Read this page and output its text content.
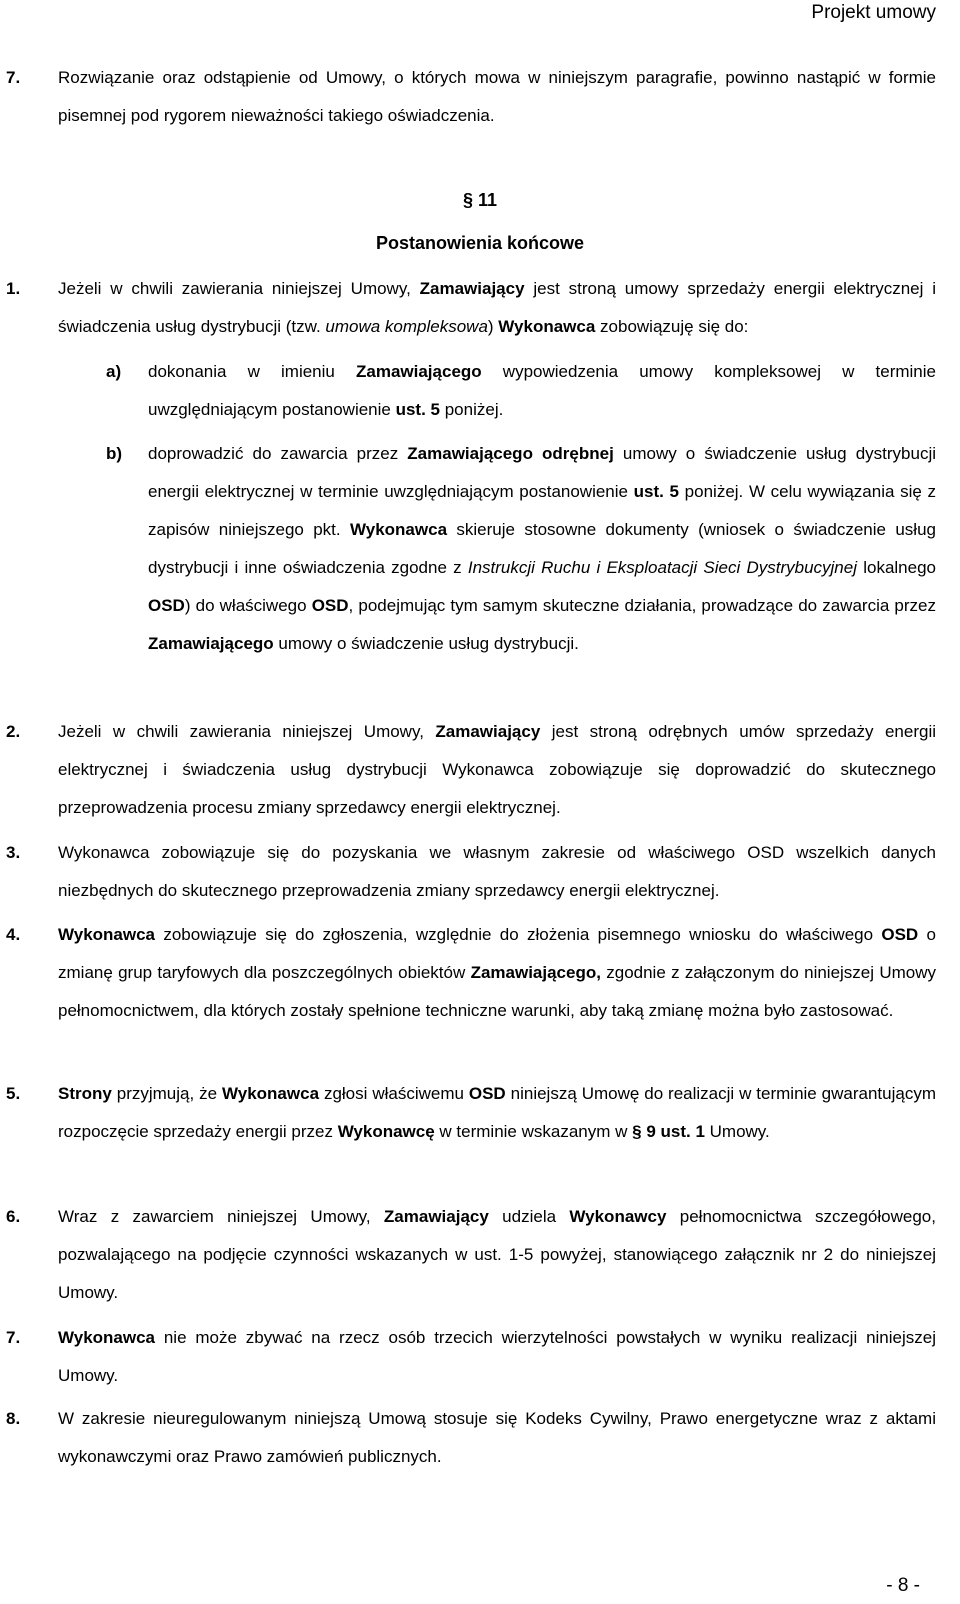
Projekt umowy
7. Rozwiązanie oraz odstąpienie od Umowy, o których mowa w niniejszym paragrafie, powinno nastąpić w formie pisemnej pod rygorem nieważności takiego oświadczenia.
§ 11
Postanowienia końcowe
1. Jeżeli w chwili zawierania niniejszej Umowy, Zamawiający jest stroną umowy sprzedaży energii elektrycznej i świadczenia usług dystrybucji (tzw. umowa kompleksowa) Wykonawca zobowiązuję się do:
a) dokonania w imieniu Zamawiającego wypowiedzenia umowy kompleksowej w terminie uwzględniającym postanowienie ust. 5 poniżej.
b) doprowadzić do zawarcia przez Zamawiającego odrębnej umowy o świadczenie usług dystrybucji energii elektrycznej w terminie uwzględniającym postanowienie ust. 5 poniżej. W celu wywiązania się z zapisów niniejszego pkt. Wykonawca skieruje stosowne dokumenty (wniosek o świadczenie usług dystrybucji i inne oświadczenia zgodne z Instrukcji Ruchu i Eksploatacji Sieci Dystrybucyjnej lokalnego OSD) do właściwego OSD, podejmując tym samym skuteczne działania, prowadzące do zawarcia przez Zamawiającego umowy o świadczenie usług dystrybucji.
2. Jeżeli w chwili zawierania niniejszej Umowy, Zamawiający jest stroną odrębnych umów sprzedaży energii elektrycznej i świadczenia usług dystrybucji Wykonawca zobowiązuje się doprowadzić do skutecznego przeprowadzenia procesu zmiany sprzedawcy energii elektrycznej.
3. Wykonawca zobowiązuje się do pozyskania we własnym zakresie od właściwego OSD wszelkich danych niezbędnych do skutecznego przeprowadzenia zmiany sprzedawcy energii elektrycznej.
4. Wykonawca zobowiązuje się do zgłoszenia, względnie do złożenia pisemnego wniosku do właściwego OSD o zmianę grup taryfowych dla poszczególnych obiektów Zamawiającego, zgodnie z załączonym do niniejszej Umowy pełnomocnictwem, dla których zostały spełnione techniczne warunki, aby taką zmianę można było zastosować.
5. Strony przyjmują, że Wykonawca zgłosi właściwemu OSD niniejszą Umowę do realizacji w terminie gwarantującym rozpoczęcie sprzedaży energii przez Wykonawcę w terminie wskazanym w § 9 ust. 1 Umowy.
6. Wraz z zawarciem niniejszej Umowy, Zamawiający udziela Wykonawcy pełnomocnictwa szczegółowego, pozwalającego na podjęcie czynności wskazanych w ust. 1-5 powyżej, stanowiącego załącznik nr 2 do niniejszej Umowy.
7. Wykonawca nie może zbywać na rzecz osób trzecich wierzytelności powstałych w wyniku realizacji niniejszej Umowy.
8. W zakresie nieuregulowanym niniejszą Umową stosuje się Kodeks Cywilny, Prawo energetyczne wraz z aktami wykonawczymi oraz Prawo zamówień publicznych.
- 8 -
